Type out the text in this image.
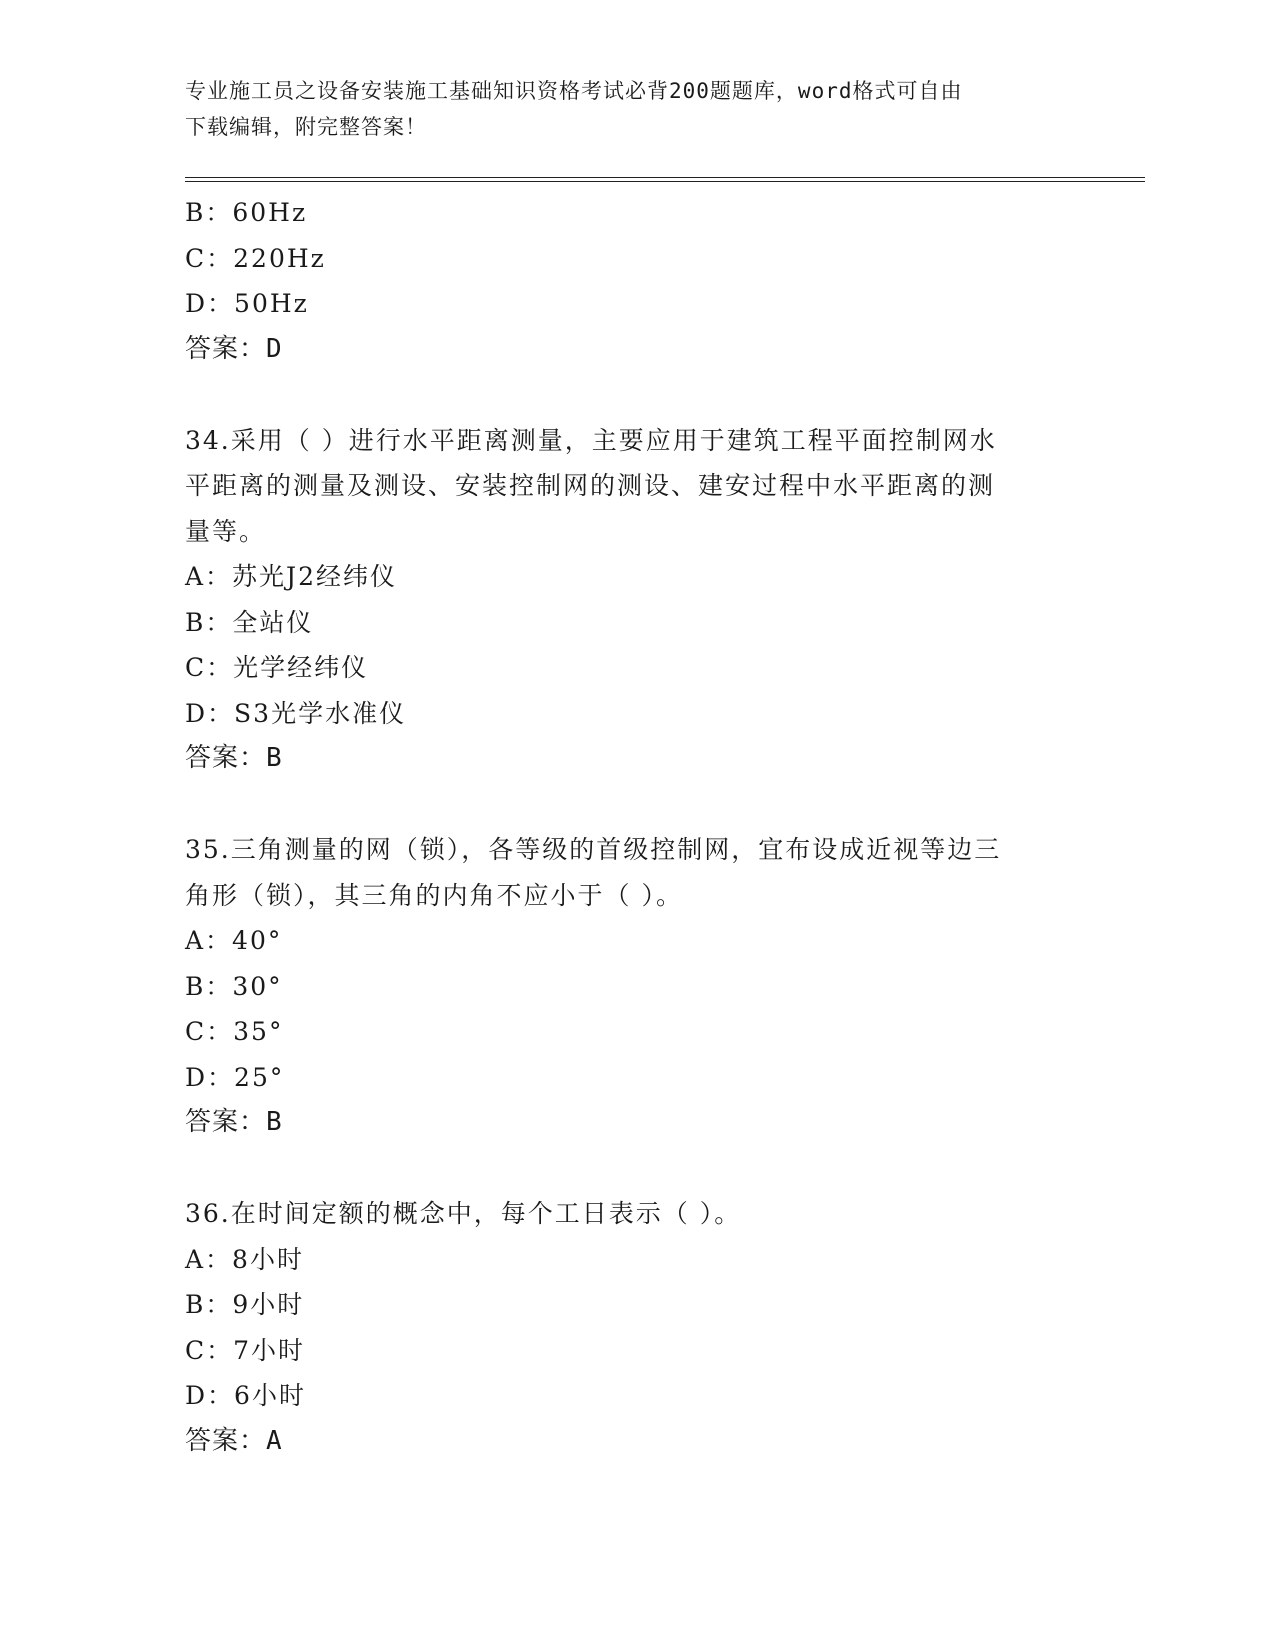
专业施工员之设备安装施工基础知识资格考试必背200题题库，word格式可自由
下载编辑，附完整答案！
B：60Hz
C：220Hz
D：50Hz
答案：D
34.采用（ ）进行水平距离测量，主要应用于建筑工程平面控制网水
平距离的测量及测设、安装控制网的测设、建安过程中水平距离的测
量等。
A：苏光J2经纬仪
B：全站仪
C：光学经纬仪
D：S3光学水准仪
答案：B
35.三角测量的网（锁），各等级的首级控制网，宜布设成近视等边三
角形（锁），其三角的内角不应小于（ ）。
A：40°
B：30°
C：35°
D：25°
答案：B
36.在时间定额的概念中，每个工日表示（ ）。
A：8小时
B：9小时
C：7小时
D：6小时
答案：A
